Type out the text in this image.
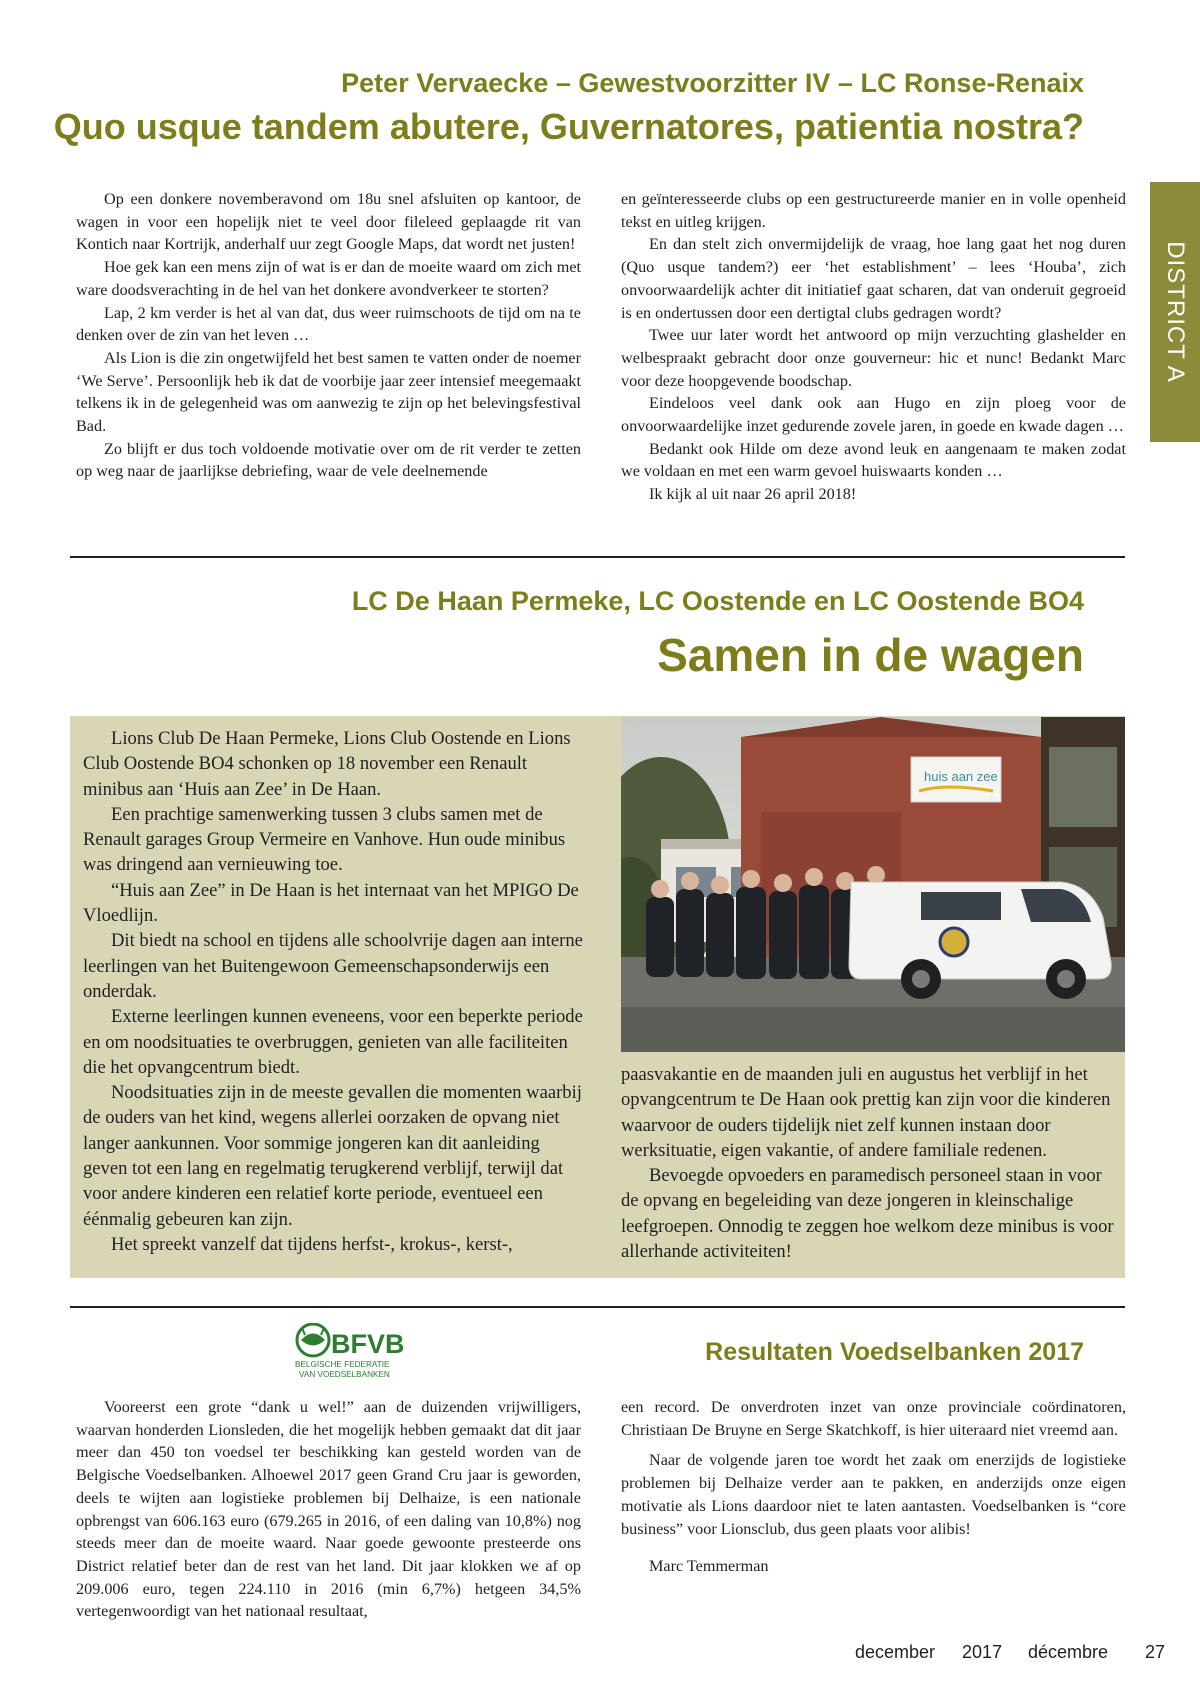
Peter Vervaecke – Gewestvoorzitter IV – LC Ronse-Renaix
Quo usque tandem abutere, Guvernatores, patientia nostra?

Op een donkere novemberavond om 18u snel afsluiten op kantoor, de wagen in voor een hopelijk niet te veel door fileleed geplaagde rit van Kontich naar Kortrijk, anderhalf uur zegt Google Maps, dat wordt net justen!

Hoe gek kan een mens zijn of wat is er dan de moeite waard om zich met ware doodsverachting in de hel van het donkere avondverkeer te storten?

Lap, 2 km verder is het al van dat, dus weer ruimschoots de tijd om na te denken over de zin van het leven …

Als Lion is die zin ongetwijfeld het best samen te vatten onder de noemer ‘We Serve’. Persoonlijk heb ik dat de voorbije jaar zeer intensief meegemaakt telkens ik in de gelegenheid was om aanwezig te zijn op het belevingsfestival Bad.

Zo blijft er dus toch voldoende motivatie over om de rit verder te zetten op weg naar de jaarlijkse debriefing, waar de vele deelnemende

en geïnteresseerde clubs op een gestructureerde manier en in volle openheid tekst en uitleg krijgen.

En dan stelt zich onvermijdelijk de vraag, hoe lang gaat het nog duren (Quo usque tandem?) eer ‘het establishment’ – lees ‘Houba’, zich onvoorwaardelijk achter dit initiatief gaat scharen, dat van onderuit gegroeid is en ondertussen door een dertigtal clubs gedragen wordt?

Twee uur later wordt het antwoord op mijn verzuchting glashelder en welbespraakt gebracht door onze gouverneur: hic et nunc! Bedankt Marc voor deze hoopgevende boodschap.

Eindeloos veel dank ook aan Hugo en zijn ploeg voor de onvoorwaardelijke inzet gedurende zovele jaren, in goede en kwade dagen …

Bedankt ook Hilde om deze avond leuk en aangenaam te maken zodat we voldaan en met een warm gevoel huiswaarts konden …

Ik kijk al uit naar 26 april 2018!

DISTRICT A
LC De Haan Permeke, LC Oostende en LC Oostende BO4
Samen in de wagen

Lions Club De Haan Permeke, Lions Club Oostende en Lions Club Oostende BO4 schonken op 18 november een Renault minibus aan ‘Huis aan Zee’ in De Haan.

Een prachtige samenwerking tussen 3 clubs samen met de Renault garages Group Vermeire en Vanhove. Hun oude minibus was dringend aan vernieuwing toe.

“Huis aan Zee” in De Haan is het internaat van het MPIGO De Vloedlijn.

Dit biedt na school en tijdens alle schoolvrije dagen aan interne leerlingen van het Buitengewoon Gemeenschapsonderwijs een onderdak.

Externe leerlingen kunnen eveneens, voor een beperkte periode en om noodsituaties te overbruggen, genieten van alle faciliteiten die het opvangcentrum biedt.

Noodsituaties zijn in de meeste gevallen die momenten waarbij de ouders van het kind, wegens allerlei oorzaken de opvang niet langer aankunnen. Voor sommige jongeren kan dit aanleiding geven tot een lang en regelmatig terugkerend verblijf, terwijl dat voor andere kinderen een relatief korte periode, eventueel een éénmalig gebeuren kan zijn.

Het spreekt vanzelf dat tijdens herfst-, krokus-, kerst-,

huis aan zee

paasvakantie en de maanden juli en augustus het verblijf in het opvangcentrum te De Haan ook prettig kan zijn voor die kinderen waarvoor de ouders tijdelijk niet zelf kunnen instaan door werksituatie, eigen vakantie, of andere familiale redenen.

Bevoegde opvoeders en paramedisch personeel staan in voor de opvang en begeleiding van deze jongeren in kleinschalige leefgroepen. Onnodig te zeggen hoe welkom deze minibus is voor allerhande activiteiten!

BFVB
BELGISCHE FEDERATIE
VAN VOEDSELBANKEN
Resultaten Voedselbanken 2017

Vooreerst een grote “dank u wel!” aan de duizenden vrijwilligers, waarvan honderden Lionsleden, die het mogelijk hebben gemaakt dat dit jaar meer dan 450 ton voedsel ter beschikking kan gesteld worden van de Belgische Voedselbanken. Alhoewel 2017 geen Grand Cru jaar is geworden, deels te wijten aan logistieke problemen bij Delhaize, is een nationale opbrengst van 606.163 euro (679.265 in 2016, of een daling van 10,8%) nog steeds meer dan de moeite waard. Naar goede gewoonte presteerde ons District relatief beter dan de rest van het land. Dit jaar klokken we af op 209.006 euro, tegen 224.110 in 2016 (min 6,7%) hetgeen 34,5% vertegenwoordigt van het nationaal resultaat,

een record. De onverdroten inzet van onze provinciale coördinatoren, Christiaan De Bruyne en Serge Skatchkoff, is hier uiteraard niet vreemd aan.

Naar de volgende jaren toe wordt het zaak om enerzijds de logistieke problemen bij Delhaize verder aan te pakken, en anderzijds onze eigen motivatie als Lions daardoor niet te laten aantasten. Voedselbanken is “core business” voor Lionsclub, dus geen plaats voor alibis!

Marc Temmerman

december 2017 décembre 27
